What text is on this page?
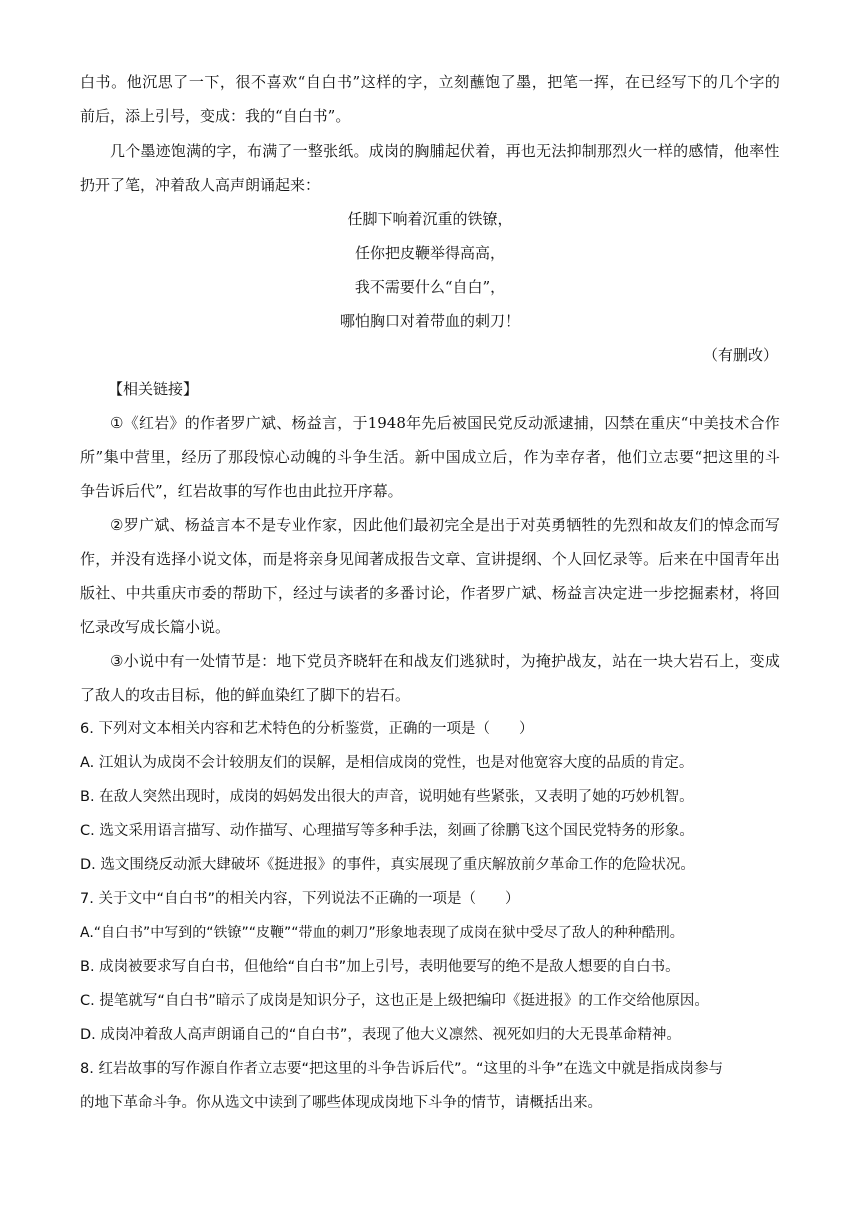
白 书 。 他 沉 思 了 一 下 ， 很 不 喜 欢 “ 自 白 书 ” 这 样 的 字 ， 立 刻 蘸 饱 了 墨 ， 把 笔 一 挥 ， 在 已 经 写 下 的 几 个 字 的
前后，添上引号，变成：我的“自白书”。
几 个 墨 迹 饱 满 的 字 ， 布 满 了 一 整 张 纸 。 成 岗 的 胸 脯 起 伏 着 ， 再 也 无 法 抑 制 那 烈 火 一 样 的 感 情 ， 他 率 性
扔开了笔，冲着敌人高声朗诵起来：
任脚下响着沉重的铁镣，
任你把皮鞭举得高高，
我不需要什么“自白”，
哪怕胸口对着带血的刺刀！
（有删改）
【相关链接】
① 《 红 岩 》 的 作 者 罗 广 斌 、 杨 益 言 ， 于 1948 年 先 后 被 国 民 党 反 动 派 逮 捕 ， 囚 禁 在 重 庆 “ 中 美 技 术 合 作
所 ” 集 中 营 里 ， 经 历 了 那 段 惊 心 动 魄 的 斗 争 生 活 。 新 中 国 成 立 后 ， 作 为 幸 存 者 ， 他 们 立 志 要 “ 把 这 里 的 斗
争告诉后代”，红岩故事的写作也由此拉开序幕。
② 罗 广 斌 、 杨 益 言 本 不 是 专 业 作 家 ， 因 此 他 们 最 初 完 全 是 出 于 对 英 勇 牺 牲 的 先 烈 和 故 友 们 的 悼 念 而 写
作 ， 并 没 有 选 择 小 说 文 体 ， 而 是 将 亲 身 见 闻 著 成 报 告 文 章 、 宣 讲 提 纲 、 个 人 回 忆 录 等 。 后 来 在 中 国 青 年 出
版 社 、 中 共 重 庆 市 委 的 帮 助 下 ， 经 过 与 读 者 的 多 番 讨 论 ， 作 者 罗 广 斌 、 杨 益 言 决 定 进 一 步 挖 掘 素 材 ， 将 回
忆录改写成长篇小说。
③ 小 说 中 有 一 处 情 节 是 ： 地 下 党 员 齐 晓 轩 在 和 战 友 们 逃 狱 时 ， 为 掩 护 战 友 ， 站 在 一 块 大 岩 石 上 ， 变 成
了敌人的攻击目标，他的鲜血染红了脚下的岩石。
6. 下列对文本相关内容和艺术特色的分析鉴赏，正确的一项是（　　）
A. 江姐认为成岗不会计较朋友们的误解，是相信成岗的党性，也是对他宽容大度的品质的肯定。
B. 在敌人突然出现时，成岗的妈妈发出很大的声音，说明她有些紧张，又表明了她的巧妙机智。
C. 选文采用语言描写、动作描写、心理描写等多种手法，刻画了徐鹏飞这个国民党特务的形象。
D. 选文围绕反动派大肆破坏《挺进报》的事件，真实展现了重庆解放前夕革命工作的危险状况。
7. 关于文中“自白书”的相关内容，下列说法不正确的一项是（　　）
A.“自白书”中写到的“铁镣”“皮鞭”“带血的刺刀”形象地表现了成岗在狱中受尽了敌人的种种酷刑。
B. 成岗被要求写自白书，但他给“自白书”加上引号，表明他要写的绝不是敌人想要的自白书。
C. 提笔就写“自白书”暗示了成岗是知识分子，这也正是上级把编印《挺进报》的工作交给他原因。
D. 成岗冲着敌人高声朗诵自己的“自白书”，表现了他大义凛然、视死如归的大无畏革命精神。
8. 红岩故事的写作源自作者立志要“把这里的斗争告诉后代”。“这里的斗争”在选文中就是指成岗参与
的地下革命斗争。你从选文中读到了哪些体现成岗地下斗争的情节，请概括出来。
